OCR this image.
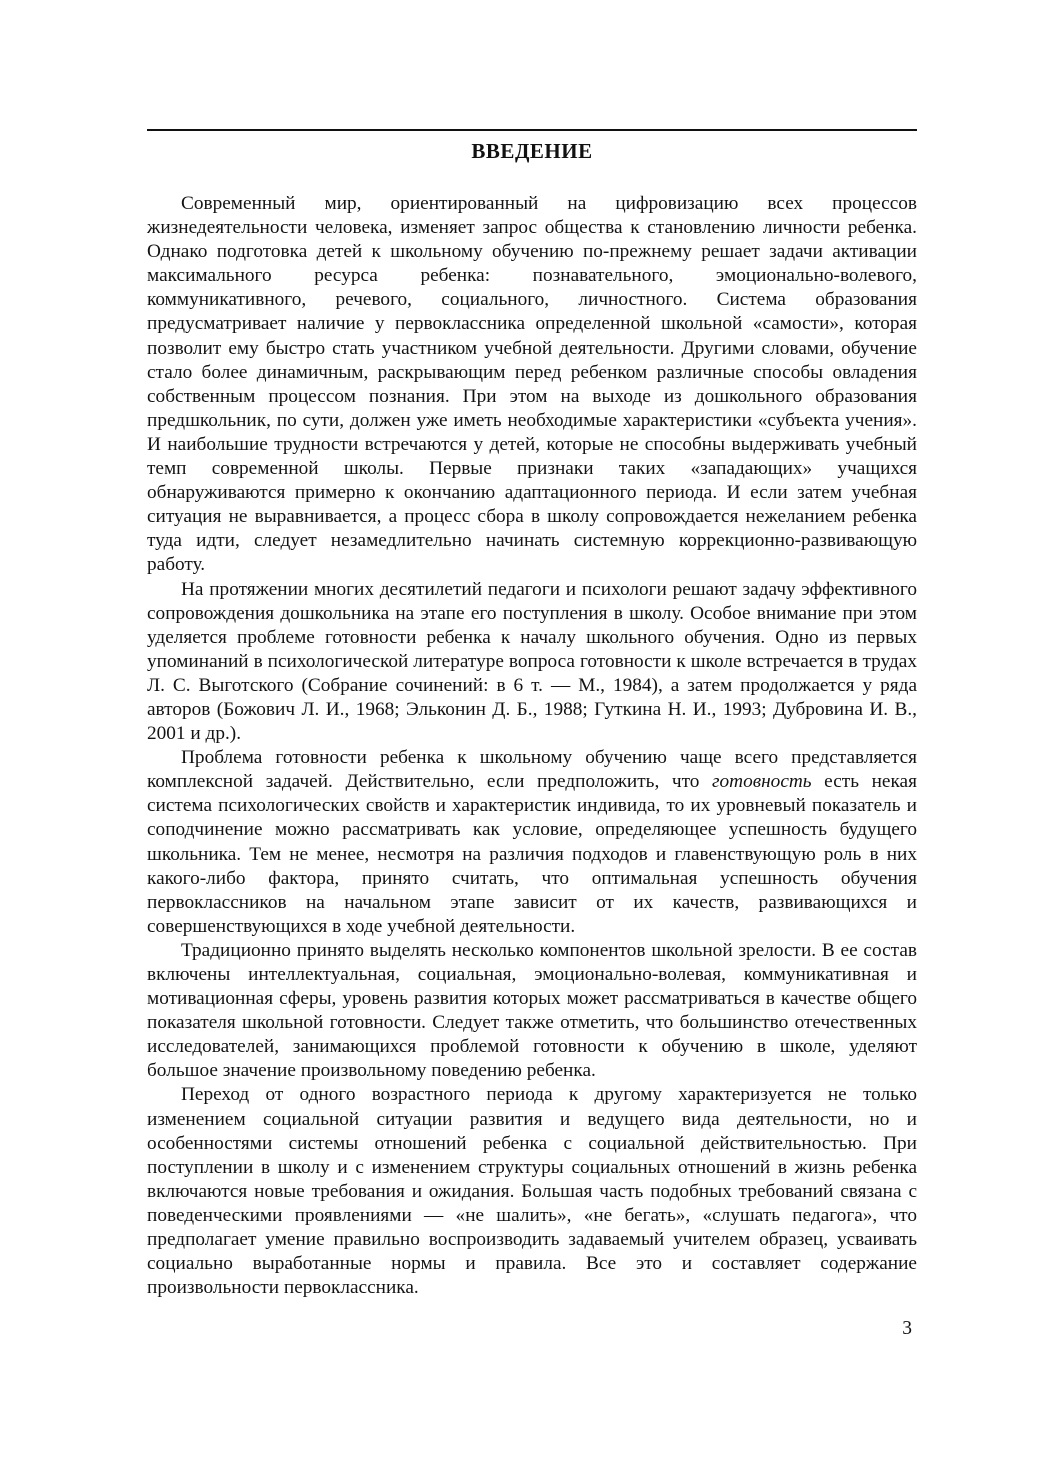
ВВЕДЕНИЕ

Современный мир, ориентированный на цифровизацию всех процессов жизнедеятельности человека, изменяет запрос общества к становлению личности ребенка. Однако подготовка детей к школьному обучению по-прежнему решает задачи активации максимального ресурса ребенка: познавательного, эмоционально-волевого, коммуникативного, речевого, социального, личностного. Система образования предусматривает наличие у первоклассника определенной школьной «самости», которая позволит ему быстро стать участником учебной деятельности. Другими словами, обучение стало более динамичным, раскрывающим перед ребенком различные способы овладения собственным процессом познания. При этом на выходе из дошкольного образования предшкольник, по сути, должен уже иметь необходимые характеристики «субъекта учения». И наибольшие трудности встречаются у детей, которые не способны выдерживать учебный темп современной школы. Первые признаки таких «западающих» учащихся обнаруживаются примерно к окончанию адаптационного периода. И если затем учебная ситуация не выравнивается, а процесс сбора в школу сопровождается нежеланием ребенка туда идти, следует незамедлительно начинать системную коррекционно-развивающую работу.

На протяжении многих десятилетий педагоги и психологи решают задачу эффективного сопровождения дошкольника на этапе его поступления в школу. Особое внимание при этом уделяется проблеме готовности ребенка к началу школьного обучения. Одно из первых упоминаний в психологической литературе вопроса готовности к школе встречается в трудах Л. С. Выготского (Собрание сочинений: в 6 т. — М., 1984), а затем продолжается у ряда авторов (Божович Л. И., 1968; Эльконин Д. Б., 1988; Гуткина Н. И., 1993; Дубровина И. В., 2001 и др.).

Проблема готовности ребенка к школьному обучению чаще всего представляется комплексной задачей. Действительно, если предположить, что готовность есть некая система психологических свойств и характеристик индивида, то их уровневый показатель и соподчинение можно рассматривать как условие, определяющее успешность будущего школьника. Тем не менее, несмотря на различия подходов и главенствующую роль в них какого-либо фактора, принято считать, что оптимальная успешность обучения первоклассников на начальном этапе зависит от их качеств, развивающихся и совершенствующихся в ходе учебной деятельности.

Традиционно принято выделять несколько компонентов школьной зрелости. В ее состав включены интеллектуальная, социальная, эмоционально-волевая, коммуникативная и мотивационная сферы, уровень развития которых может рассматриваться в качестве общего показателя школьной готовности. Следует также отметить, что большинство отечественных исследователей, занимающихся проблемой готовности к обучению в школе, уделяют большое значение произвольному поведению ребенка.

Переход от одного возрастного периода к другому характеризуется не только изменением социальной ситуации развития и ведущего вида деятельности, но и особенностями системы отношений ребенка с социальной действительностью. При поступлении в школу и с изменением структуры социальных отношений в жизнь ребенка включаются новые требования и ожидания. Большая часть подобных требований связана с поведенческими проявлениями — «не шалить», «не бегать», «слушать педагога», что предполагает умение правильно воспроизводить задаваемый учителем образец, усваивать социально выработанные нормы и правила. Все это и составляет содержание произвольности первоклассника.

3
